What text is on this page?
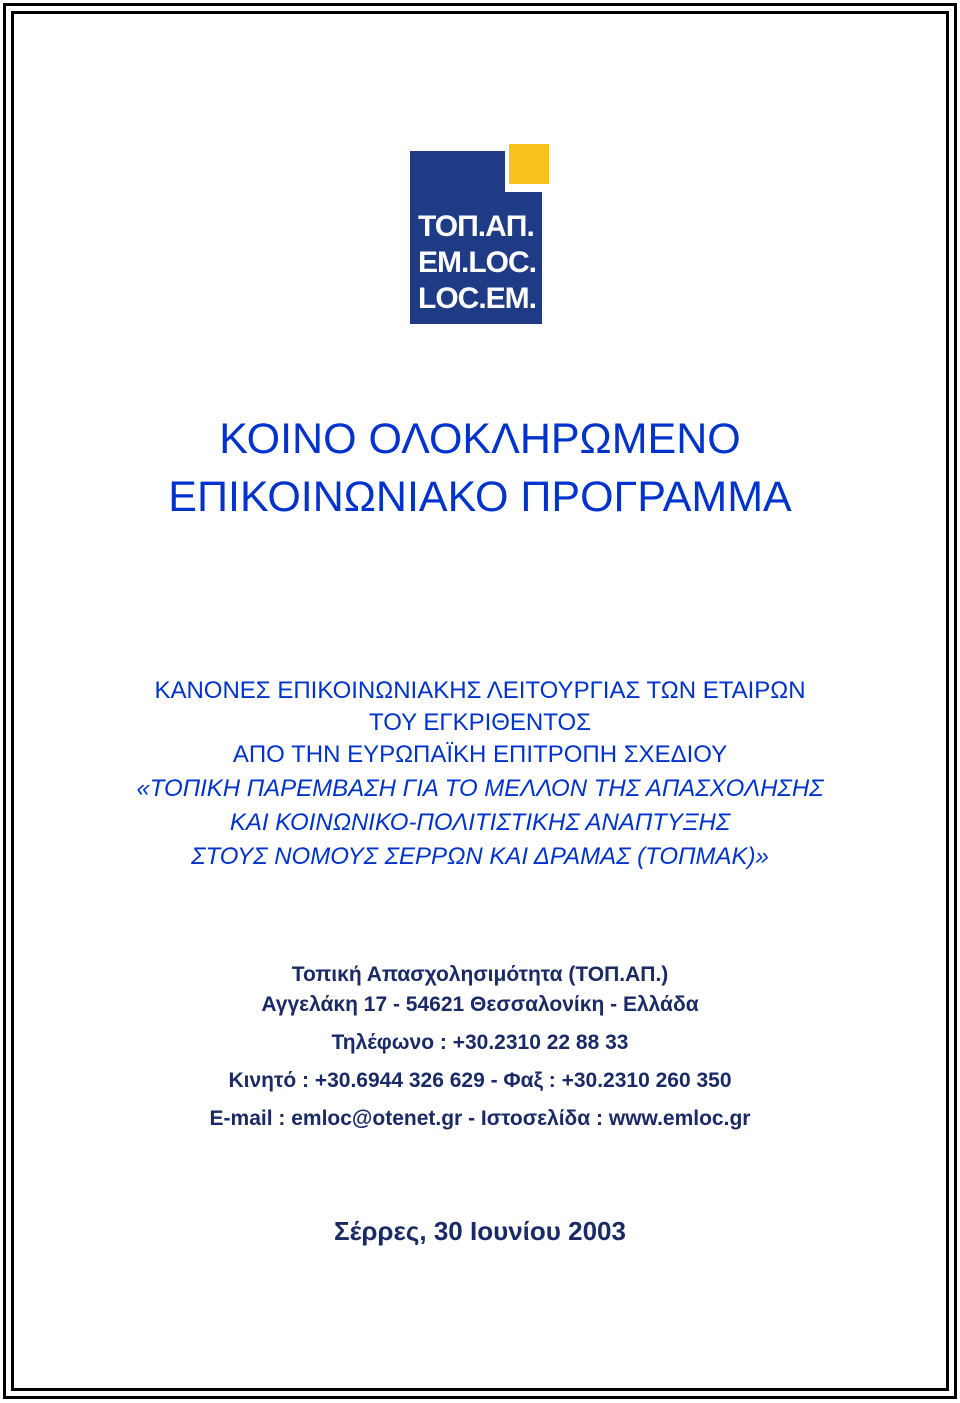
ΤΟΠ.ΑΠ.
EM.LOC.
LOC.EM.
ΚΟΙΝΟ ΟΛΟΚΛΗΡΩΜΕΝΟ
ΕΠΙΚΟΙΝΩΝΙΑΚΟ ΠΡΟΓΡΑΜΜΑ
ΚΑΝΟΝΕΣ ΕΠΙΚΟΙΝΩΝΙΑΚΗΣ ΛΕΙΤΟΥΡΓΙΑΣ ΤΩΝ ΕΤΑΙΡΩΝ
ΤΟΥ ΕΓΚΡΙΘΕΝΤΟΣ
ΑΠΟ ΤΗΝ ΕΥΡΩΠΑΪΚΗ ΕΠΙΤΡΟΠΗ ΣΧΕΔΙΟΥ
«ΤΟΠΙΚΗ ΠΑΡΕΜΒΑΣΗ ΓΙΑ ΤΟ ΜΕΛΛΟΝ ΤΗΣ ΑΠΑΣΧΟΛΗΣΗΣ
ΚΑΙ ΚΟΙΝΩΝΙΚΟ-ΠΟΛΙΤΙΣΤΙΚΗΣ ΑΝΑΠΤΥΞΗΣ
ΣΤΟΥΣ ΝΟΜΟΥΣ ΣΕΡΡΩΝ ΚΑΙ ΔΡΑΜΑΣ (ΤΟΠΜΑΚ)»
Τοπική Απασχολησιμότητα (ΤΟΠ.ΑΠ.)
Αγγελάκη 17 - 54621 Θεσσαλονίκη - Ελλάδα
Τηλέφωνο : +30.2310 22 88 33
Κινητό : +30.6944 326 629 - Φαξ : +30.2310 260 350
E-mail : emloc@otenet.gr - Ιστοσελίδα : www.emloc.gr
Σέρρες, 30 Ιουνίου 2003
